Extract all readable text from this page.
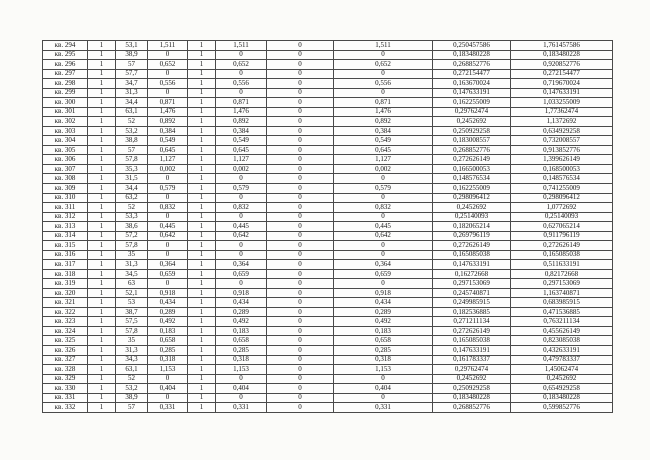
кв. 294	1	53,1	1,511	1	1,511	0	1,511	0,250457586	1,761457586
кв. 295	1	38,9	0	1	0	0	0	0,183480228	0,183480228
кв. 296	1	57	0,652	1	0,652	0	0,652	0,268852776	0,920852776
кв. 297	1	57,7	0	1	0	0	0	0,272154477	0,272154477
кв. 298	1	34,7	0,556	1	0,556	0	0,556	0,163670024	0,719670024
кв. 299	1	31,3	0	1	0	0	0	0,147633191	0,147633191
кв. 300	1	34,4	0,871	1	0,871	0	0,871	0,162255009	1,033255009
кв. 301	1	63,1	1,476	1	1,476	0	1,476	0,29762474	1,77362474
кв. 302	1	52	0,892	1	0,892	0	0,892	0,2452692	1,1372692
кв. 303	1	53,2	0,384	1	0,384	0	0,384	0,250929258	0,634929258
кв. 304	1	38,8	0,549	1	0,549	0	0,549	0,183008557	0,732008557
кв. 305	1	57	0,645	1	0,645	0	0,645	0,268852776	0,913852776
кв. 306	1	57,8	1,127	1	1,127	0	1,127	0,272626149	1,399626149
кв. 307	1	35,3	0,002	1	0,002	0	0,002	0,166500053	0,168500053
кв. 308	1	31,5	0	1	0	0	0	0,148576534	0,148576534
кв. 309	1	34,4	0,579	1	0,579	0	0,579	0,162255009	0,741255009
кв. 310	1	63,2	0	1	0	0	0	0,298096412	0,298096412
кв. 311	1	52	0,832	1	0,832	0	0,832	0,2452692	1,0772692
кв. 312	1	53,3	0	1	0	0	0	0,25140093	0,25140093
кв. 313	1	38,6	0,445	1	0,445	0	0,445	0,182065214	0,627065214
кв. 314	1	57,2	0,642	1	0,642	0	0,642	0,269796119	0,911796119
кв. 315	1	57,8	0	1	0	0	0	0,272626149	0,272626149
кв. 316	1	35	0	1	0	0	0	0,165085038	0,165085038
кв. 317	1	31,3	0,364	1	0,364	0	0,364	0,147633191	0,511633191
кв. 318	1	34,5	0,659	1	0,659	0	0,659	0,16272668	0,82172668
кв. 319	1	63	0	1	0	0	0	0,297153069	0,297153069
кв. 320	1	52,1	0,918	1	0,918	0	0,918	0,245740871	1,163740871
кв. 321	1	53	0,434	1	0,434	0	0,434	0,249985915	0,683985915
кв. 322	1	38,7	0,289	1	0,289	0	0,289	0,182536885	0,471536885
кв. 323	1	57,5	0,492	1	0,492	0	0,492	0,271211134	0,763211134
кв. 324	1	57,8	0,183	1	0,183	0	0,183	0,272626149	0,455626149
кв. 325	1	35	0,658	1	0,658	0	0,658	0,165085038	0,823085038
кв. 326	1	31,3	0,285	1	0,285	0	0,285	0,147633191	0,432633191
кв. 327	1	34,3	0,318	1	0,318	0	0,318	0,161783337	0,479783337
кв. 328	1	63,1	1,153	1	1,153	0	1,153	0,29762474	1,45062474
кв. 329	1	52	0	1	0	0	0	0,2452692	0,2452692
кв. 330	1	53,2	0,404	1	0,404	0	0,404	0,250929258	0,654929258
кв. 331	1	38,9	0	1	0	0	0	0,183480228	0,183480228
кв. 332	1	57	0,331	1	0,331	0	0,331	0,268852776	0,599852776
